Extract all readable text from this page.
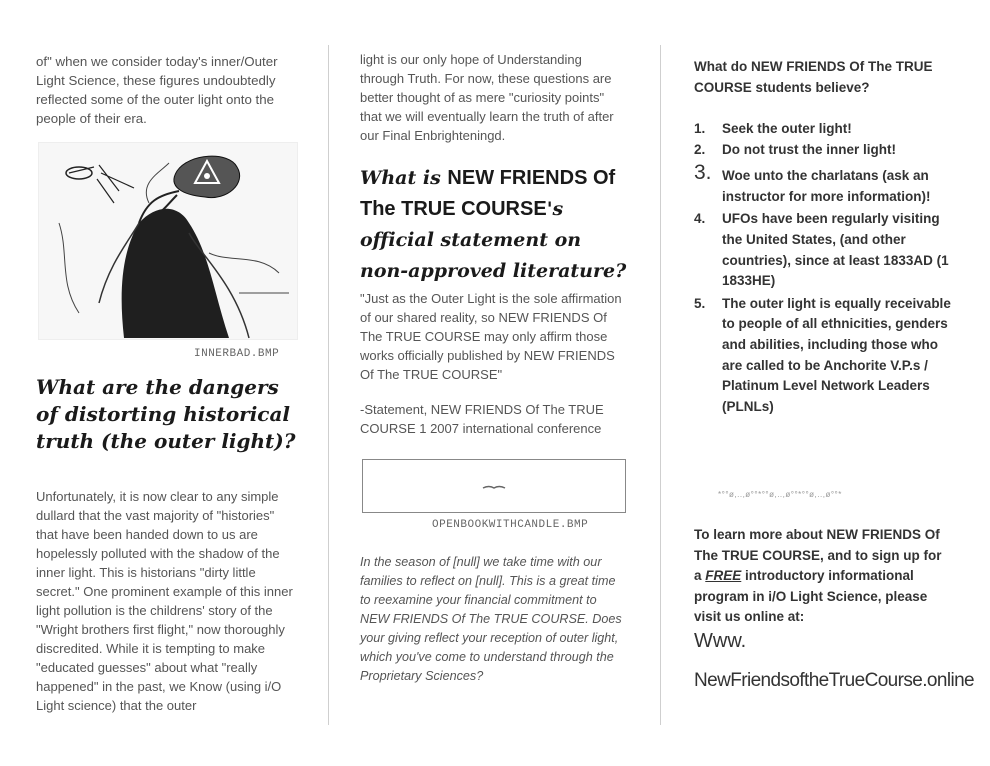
of" when we consider today's inner/Outer Light Science, these figures undoubtedly reflected some of the outer light onto the people of their era.

INNERBAD.BMP
What are the dangers of distorting historical truth (the outer light)?

Unfortunately, it is now clear to any simple dullard that the vast majority of "histories" that have been handed down to us are hopelessly polluted with the shadow of the inner light. This is historians "dirty little secret." One prominent example of this inner light pollution is the childrens' story of the "Wright brothers first flight," now thoroughly discredited. While it is tempting to make "educated guesses" about what "really happened" in the past, we Know (using i/O Light science) that the outer

light is our only hope of Understanding through Truth. For now, these questions are better thought of as mere "curiosity points" that we will eventually learn the truth of after our Final Enbrighteningd.

What is NEW FRIENDS Of The TRUE COURSE's official statement on non-approved literature?

"Just as the Outer Light is the sole affirmation of our shared reality, so NEW FRIENDS Of The TRUE COURSE may only affirm those works officially published by NEW FRIENDS Of The TRUE COURSE"

-Statement, NEW FRIENDS Of The TRUE COURSE 1 2007 international conference

OPENBOOKWITHCANDLE.BMP

In the season of [null] we take time with our families to reflect on [null]. This is a great time to reexamine your financial commitment to NEW FRIENDS Of The TRUE COURSE. Does your giving reflect your reception of outer light, which you've come to understand through the Proprietary Sciences?

What do NEW FRIENDS Of The TRUE COURSE students believe?
1. Seek the outer light!
2. Do not trust the inner light!
3. Woe unto the charlatans (ask an instructor for more information)!
4. UFOs have been regularly visiting the United States, (and other countries), since at least 1833AD (1 1833HE)
5. The outer light is equally receivable to people of all ethnicities, genders and abilities, including those who are called to be Anchorite V.P.s / Platinum Level Network Leaders (PLNLs)
*°°ø,..,ø°°*°°ø,..,ø°°*°°ø,..,ø°°*
To learn more about NEW FRIENDS Of The TRUE COURSE, and to sign up for a FREE introductory informational program in i/O Light Science, please visit us online at:
Www.
NewFriendsoftheTrueCourse.online
